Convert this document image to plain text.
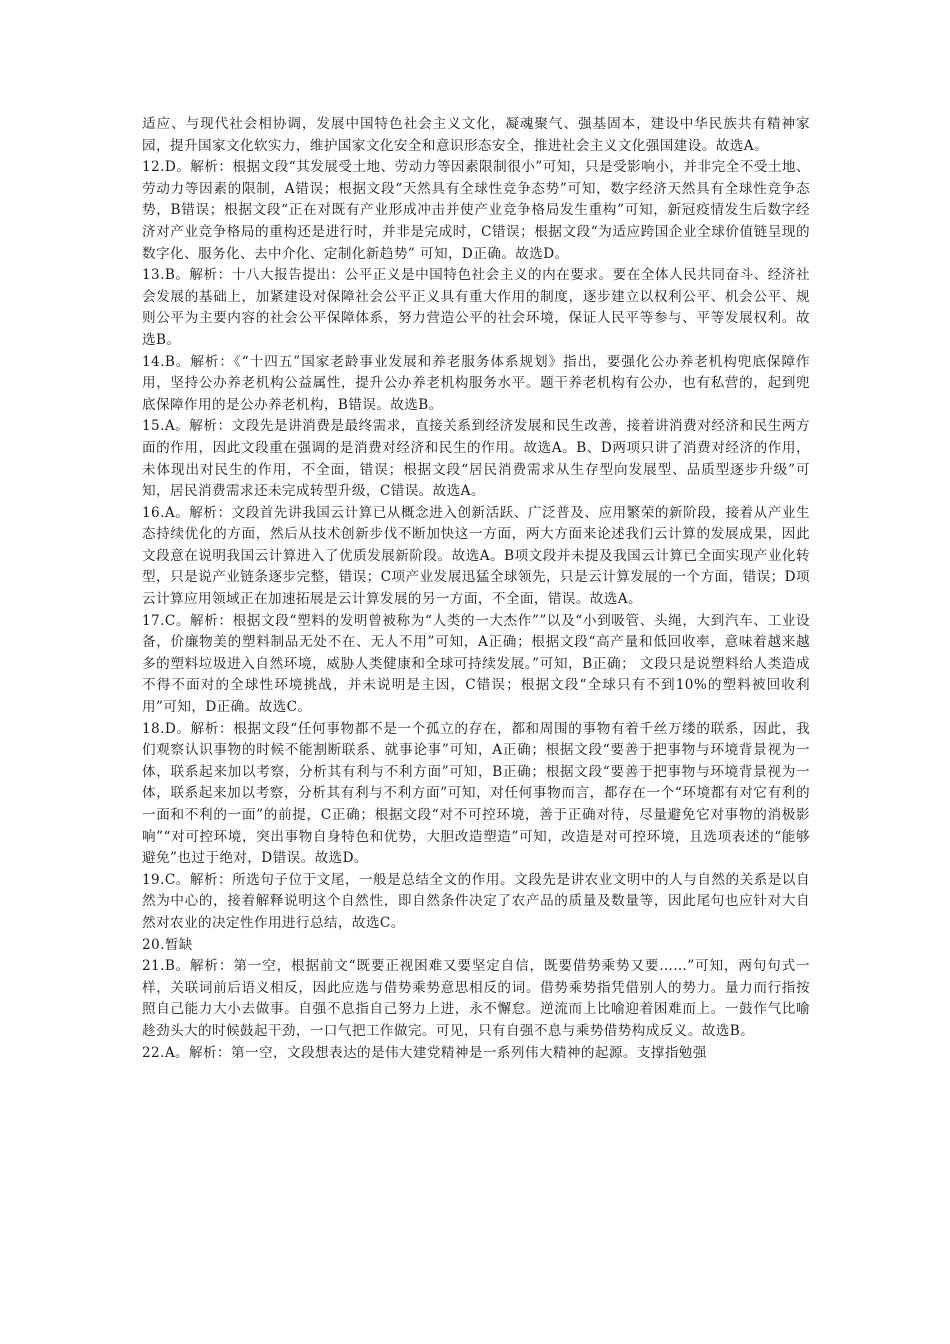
适应、与现代社会相协调，发展中国特色社会主义文化，凝魂聚气、强基固本，建设中华民族共有精神家园，提升国家文化软实力，维护国家文化安全和意识形态安全，推进社会主义文化强国建设。故选A。

12.D。解析：根据文段“其发展受土地、劳动力等因素限制很小”可知，只是受影响小，并非完全不受土地、劳动力等因素的限制，A错误；根据文段“天然具有全球性竞争态势”可知，数字经济天然具有全球性竞争态势，B错误；根据文段“正在对既有产业形成冲击并使产业竞争格局发生重构”可知，新冠疫情发生后数字经济对产业竞争格局的重构还是进行时，并非是完成时，C错误；根据文段“为适应跨国企业全球价值链呈现的数字化、服务化、去中介化、定制化新趋势” 可知，D正确。故选D。

13.B。解析：十八大报告提出：公平正义是中国特色社会主义的内在要求。要在全体人民共同奋斗、经济社会发展的基础上，加紧建设对保障社会公平正义具有重大作用的制度，逐步建立以权利公平、机会公平、规则公平为主要内容的社会公平保障体系，努力营造公平的社会环境，保证人民平等参与、平等发展权利。故选B。

14.B。解析：《“十四五”国家老龄事业发展和养老服务体系规划》指出，要强化公办养老机构兜底保障作用，坚持公办养老机构公益属性，提升公办养老机构服务水平。题干养老机构有公办，也有私营的，起到兜底保障作用的是公办养老机构，B错误。故选B。

15.A。解析：文段先是讲消费是最终需求，直接关系到经济发展和民生改善，接着讲消费对经济和民生两方面的作用，因此文段重在强调的是消费对经济和民生的作用。故选A。B、D两项只讲了消费对经济的作用，未体现出对民生的作用，不全面，错误；根据文段“居民消费需求从生存型向发展型、品质型逐步升级”可知，居民消费需求还未完成转型升级，C错误。故选A。

16.A。解析：文段首先讲我国云计算已从概念进入创新活跃、广泛普及、应用繁荣的新阶段，接着从产业生态持续优化的方面，然后从技术创新步伐不断加快这一方面，两大方面来论述我们云计算的发展成果，因此文段意在说明我国云计算进入了优质发展新阶段。故选A。B项文段并未提及我国云计算已全面实现产业化转型，只是说产业链条逐步完整，错误；C项产业发展迅猛全球领先，只是云计算发展的一个方面，错误；D项云计算应用领域正在加速拓展是云计算发展的另一方面，不全面，错误。故选A。

17.C。解析：根据文段“塑料的发明曾被称为“人类的一大杰作””以及“小到吸管、头绳，大到汽车、工业设备，价廉物美的塑料制品无处不在、无人不用”可知，A正确；根据文段“高产量和低回收率，意味着越来越多的塑料垃圾进入自然环境，威胁人类健康和全球可持续发展。”可知，B正确； 文段只是说塑料给人类造成不得不面对的全球性环境挑战，并未说明是主因，C错误；根据文段“全球只有不到10%的塑料被回收利用”可知，D正确。故选C。

18.D。解析：根据文段“任何事物都不是一个孤立的存在，都和周围的事物有着千丝万缕的联系，因此，我们观察认识事物的时候不能割断联系、就事论事”可知，A正确；根据文段“要善于把事物与环境背景视为一体，联系起来加以考察，分析其有利与不利方面”可知，B正确；根据文段“要善于把事物与环境背景视为一体，联系起来加以考察，分析其有利与不利方面”可知，对任何事物而言，都存在一个“环境都有对它有利的一面和不利的一面”的前提，C正确；根据文段“对不可控环境，善于正确对待，尽量避免它对事物的消极影响”“对可控环境，突出事物自身特色和优势，大胆改造塑造”可知，改造是对可控环境，且选项表述的“能够避免”也过于绝对，D错误。故选D。

19.C。解析：所选句子位于文尾，一般是总结全文的作用。文段先是讲农业文明中的人与自然的关系是以自然为中心的，接着解释说明这个自然性，即自然条件决定了农产品的质量及数量等，因此尾句也应针对大自然对农业的决定性作用进行总结，故选C。

20.暂缺

21.B。解析：第一空，根据前文“既要正视困难又要坚定自信，既要借势乘势又要……”可知，两句句式一样，关联词前后语义相反，因此应选与借势乘势意思相反的词。借势乘势指凭借别人的势力。量力而行指按照自己能力大小去做事。自强不息指自己努力上进，永不懈怠。逆流而上比喻迎着困难而上。一鼓作气比喻趁劲头大的时候鼓起干劲，一口气把工作做完。可见，只有自强不息与乘势借势构成反义。故选B。

22.A。解析：第一空，文段想表达的是伟大建党精神是一系列伟大精神的起源。支撑指勉强
